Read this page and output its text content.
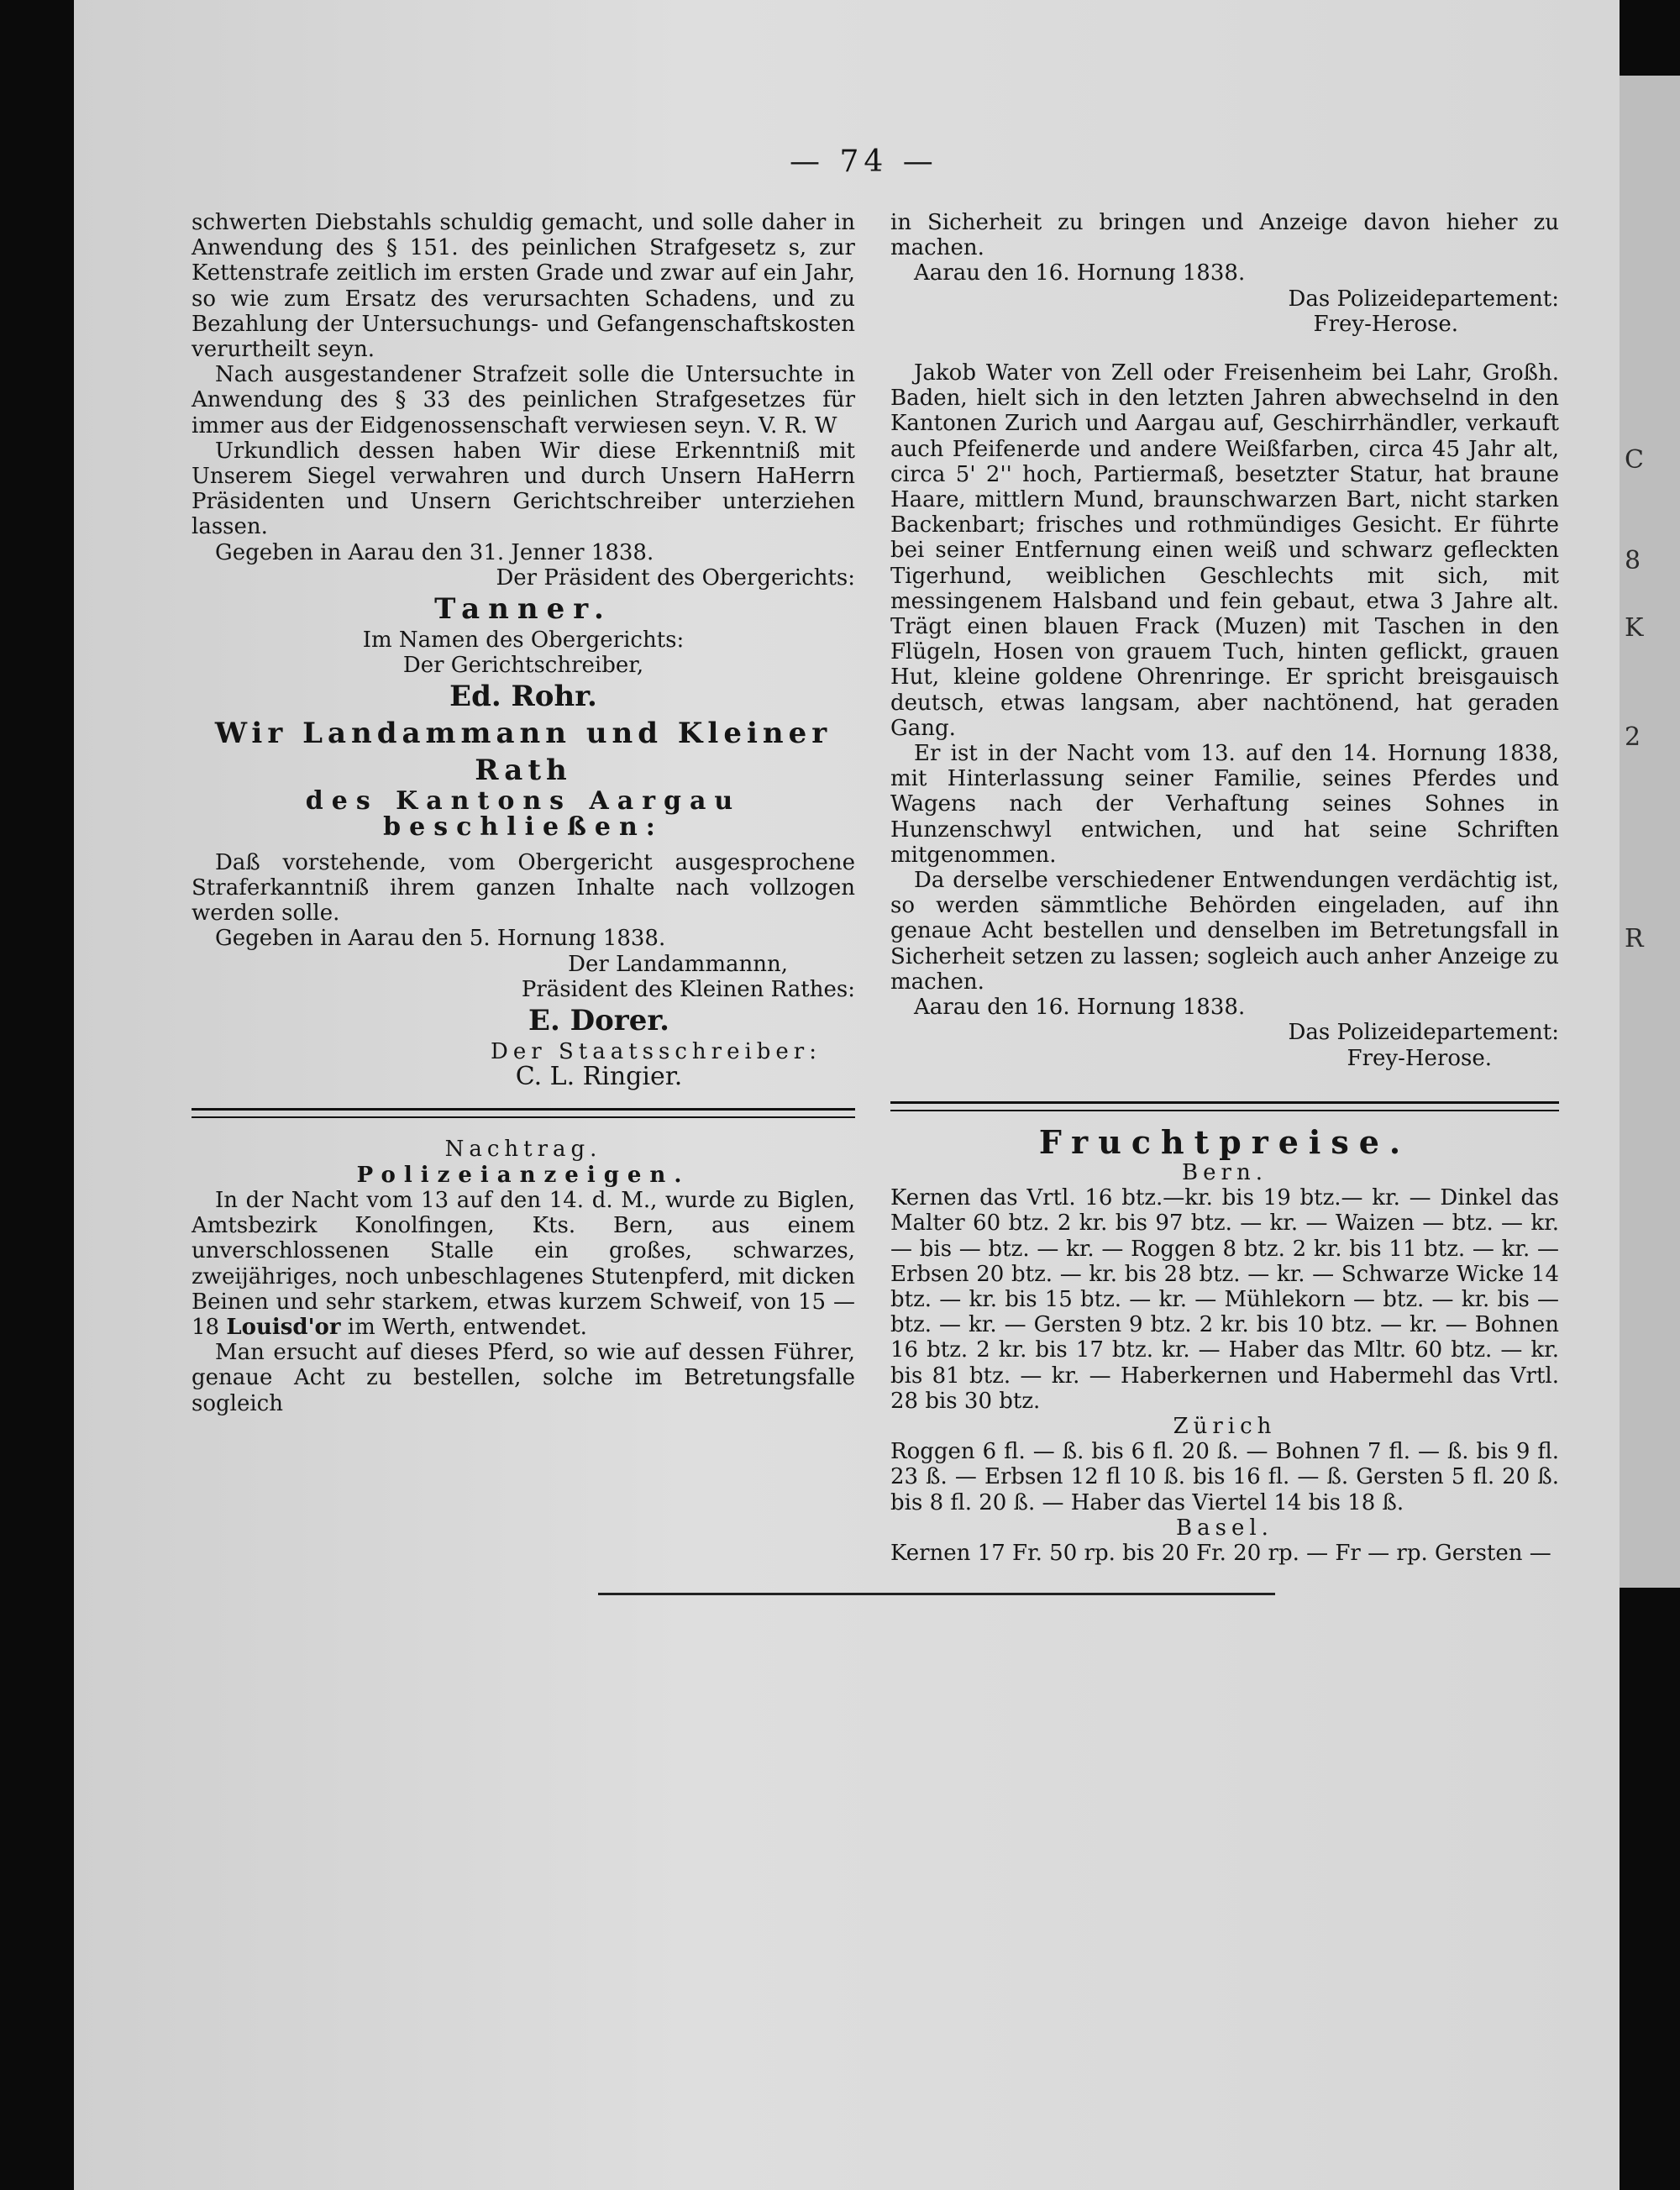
C
8
K
2
R
— 74 —

schwerten Diebstahls schuldig gemacht, und solle daher in Anwendung des § 151. des peinlichen Strafgesetz s, zur Kettenstrafe zeitlich im ersten Grade und zwar auf ein Jahr, so wie zum Ersatz des verursachten Schadens, und zu Bezahlung der Untersuchungs- und Gefangenschaftskosten verurtheilt seyn.

Nach ausgestandener Strafzeit solle die Untersuchte in Anwendung des § 33 des peinlichen Strafgesetzes für immer aus der Eidgenossenschaft verwiesen seyn. V. R. W

Urkundlich dessen haben Wir diese Erkenntniß mit Unserem Siegel verwahren und durch Unsern HaHerrn Präsidenten und Unsern Gerichtschreiber unterziehen lassen.

Gegeben in Aarau den 31. Jenner 1838.

Der Präsident des Obergerichts:

Tanner.

Im Namen des Obergerichts:

Der Gerichtschreiber,

Ed. Rohr.

Wir Landammann und Kleiner Rath

des Kantons Aargau

beschließen:

Daß vorstehende, vom Obergericht ausgesprochene Straferkanntniß ihrem ganzen Inhalte nach vollzogen werden solle.

Gegeben in Aarau den 5. Hornung 1838.

Der Landammannn,

Präsident des Kleinen Rathes:

E. Dorer.

Der Staatsschreiber:

C. L. Ringier.

Nachtrag.

Polizeianzeigen.

In der Nacht vom 13 auf den 14. d. M., wurde zu Biglen, Amtsbezirk Konolfingen, Kts. Bern, aus einem unverschlossenen Stalle ein großes, schwarzes, zweijähriges, noch unbeschlagenes Stutenpferd, mit dicken Beinen und sehr starkem, etwas kurzem Schweif, von 15 — 18 Louisd'or im Werth, entwendet.

Man ersucht auf dieses Pferd, so wie auf dessen Führer, genaue Acht zu bestellen, solche im Betretungsfalle sogleich

in Sicherheit zu bringen und Anzeige davon hieher zu machen.

Aarau den 16. Hornung 1838.

Das Polizeidepartement:

Frey-Herose.

Jakob Water von Zell oder Freisenheim bei Lahr, Großh. Baden, hielt sich in den letzten Jahren abwechselnd in den Kantonen Zurich und Aargau auf, Geschirrhändler, verkauft auch Pfeifenerde und andere Weißfarben, circa 45 Jahr alt, circa 5' 2'' hoch, Partiermaß, besetzter Statur, hat braune Haare, mittlern Mund, braunschwarzen Bart, nicht starken Backenbart; frisches und rothmündiges Gesicht. Er führte bei seiner Entfernung einen weiß und schwarz gefleckten Tigerhund, weiblichen Geschlechts mit sich, mit messingenem Halsband und fein gebaut, etwa 3 Jahre alt. Trägt einen blauen Frack (Muzen) mit Taschen in den Flügeln, Hosen von grauem Tuch, hinten geflickt, grauen Hut, kleine goldene Ohrenringe. Er spricht breisgauisch deutsch, etwas langsam, aber nachtönend, hat geraden Gang.

Er ist in der Nacht vom 13. auf den 14. Hornung 1838, mit Hinterlassung seiner Familie, seines Pferdes und Wagens nach der Verhaftung seines Sohnes in Hunzenschwyl entwichen, und hat seine Schriften mitgenommen.

Da derselbe verschiedener Entwendungen verdächtig ist, so werden sämmtliche Behörden eingeladen, auf ihn genaue Acht bestellen und denselben im Betretungsfall in Sicherheit setzen zu lassen; sogleich auch anher Anzeige zu machen.

Aarau den 16. Hornung 1838.

Das Polizeidepartement:

Frey-Herose.

Fruchtpreise.

Bern.

Kernen das Vrtl. 16 btz.—kr. bis 19 btz.— kr. — Dinkel das Malter 60 btz. 2 kr. bis 97 btz. — kr. — Waizen — btz. — kr. — bis — btz. — kr. — Roggen 8 btz. 2 kr. bis 11 btz. — kr. — Erbsen 20 btz. — kr. bis 28 btz. — kr. — Schwarze Wicke 14 btz. — kr. bis 15 btz. — kr. — Mühlekorn — btz. — kr. bis — btz. — kr. — Gersten 9 btz. 2 kr. bis 10 btz. — kr. — Bohnen 16 btz. 2 kr. bis 17 btz. kr. — Haber das Mltr. 60 btz. — kr. bis 81 btz. — kr. — Haberkernen und Habermehl das Vrtl. 28 bis 30 btz.

Zürich

Roggen 6 fl. — ß. bis 6 fl. 20 ß. — Bohnen 7 fl. — ß. bis 9 fl. 23 ß. — Erbsen 12 fl 10 ß. bis 16 fl. — ß. Gersten 5 fl. 20 ß. bis 8 fl. 20 ß. — Haber das Viertel 14 bis 18 ß.

Basel.

Kernen 17 Fr. 50 rp. bis 20 Fr. 20 rp. — Fr — rp. Gersten —
